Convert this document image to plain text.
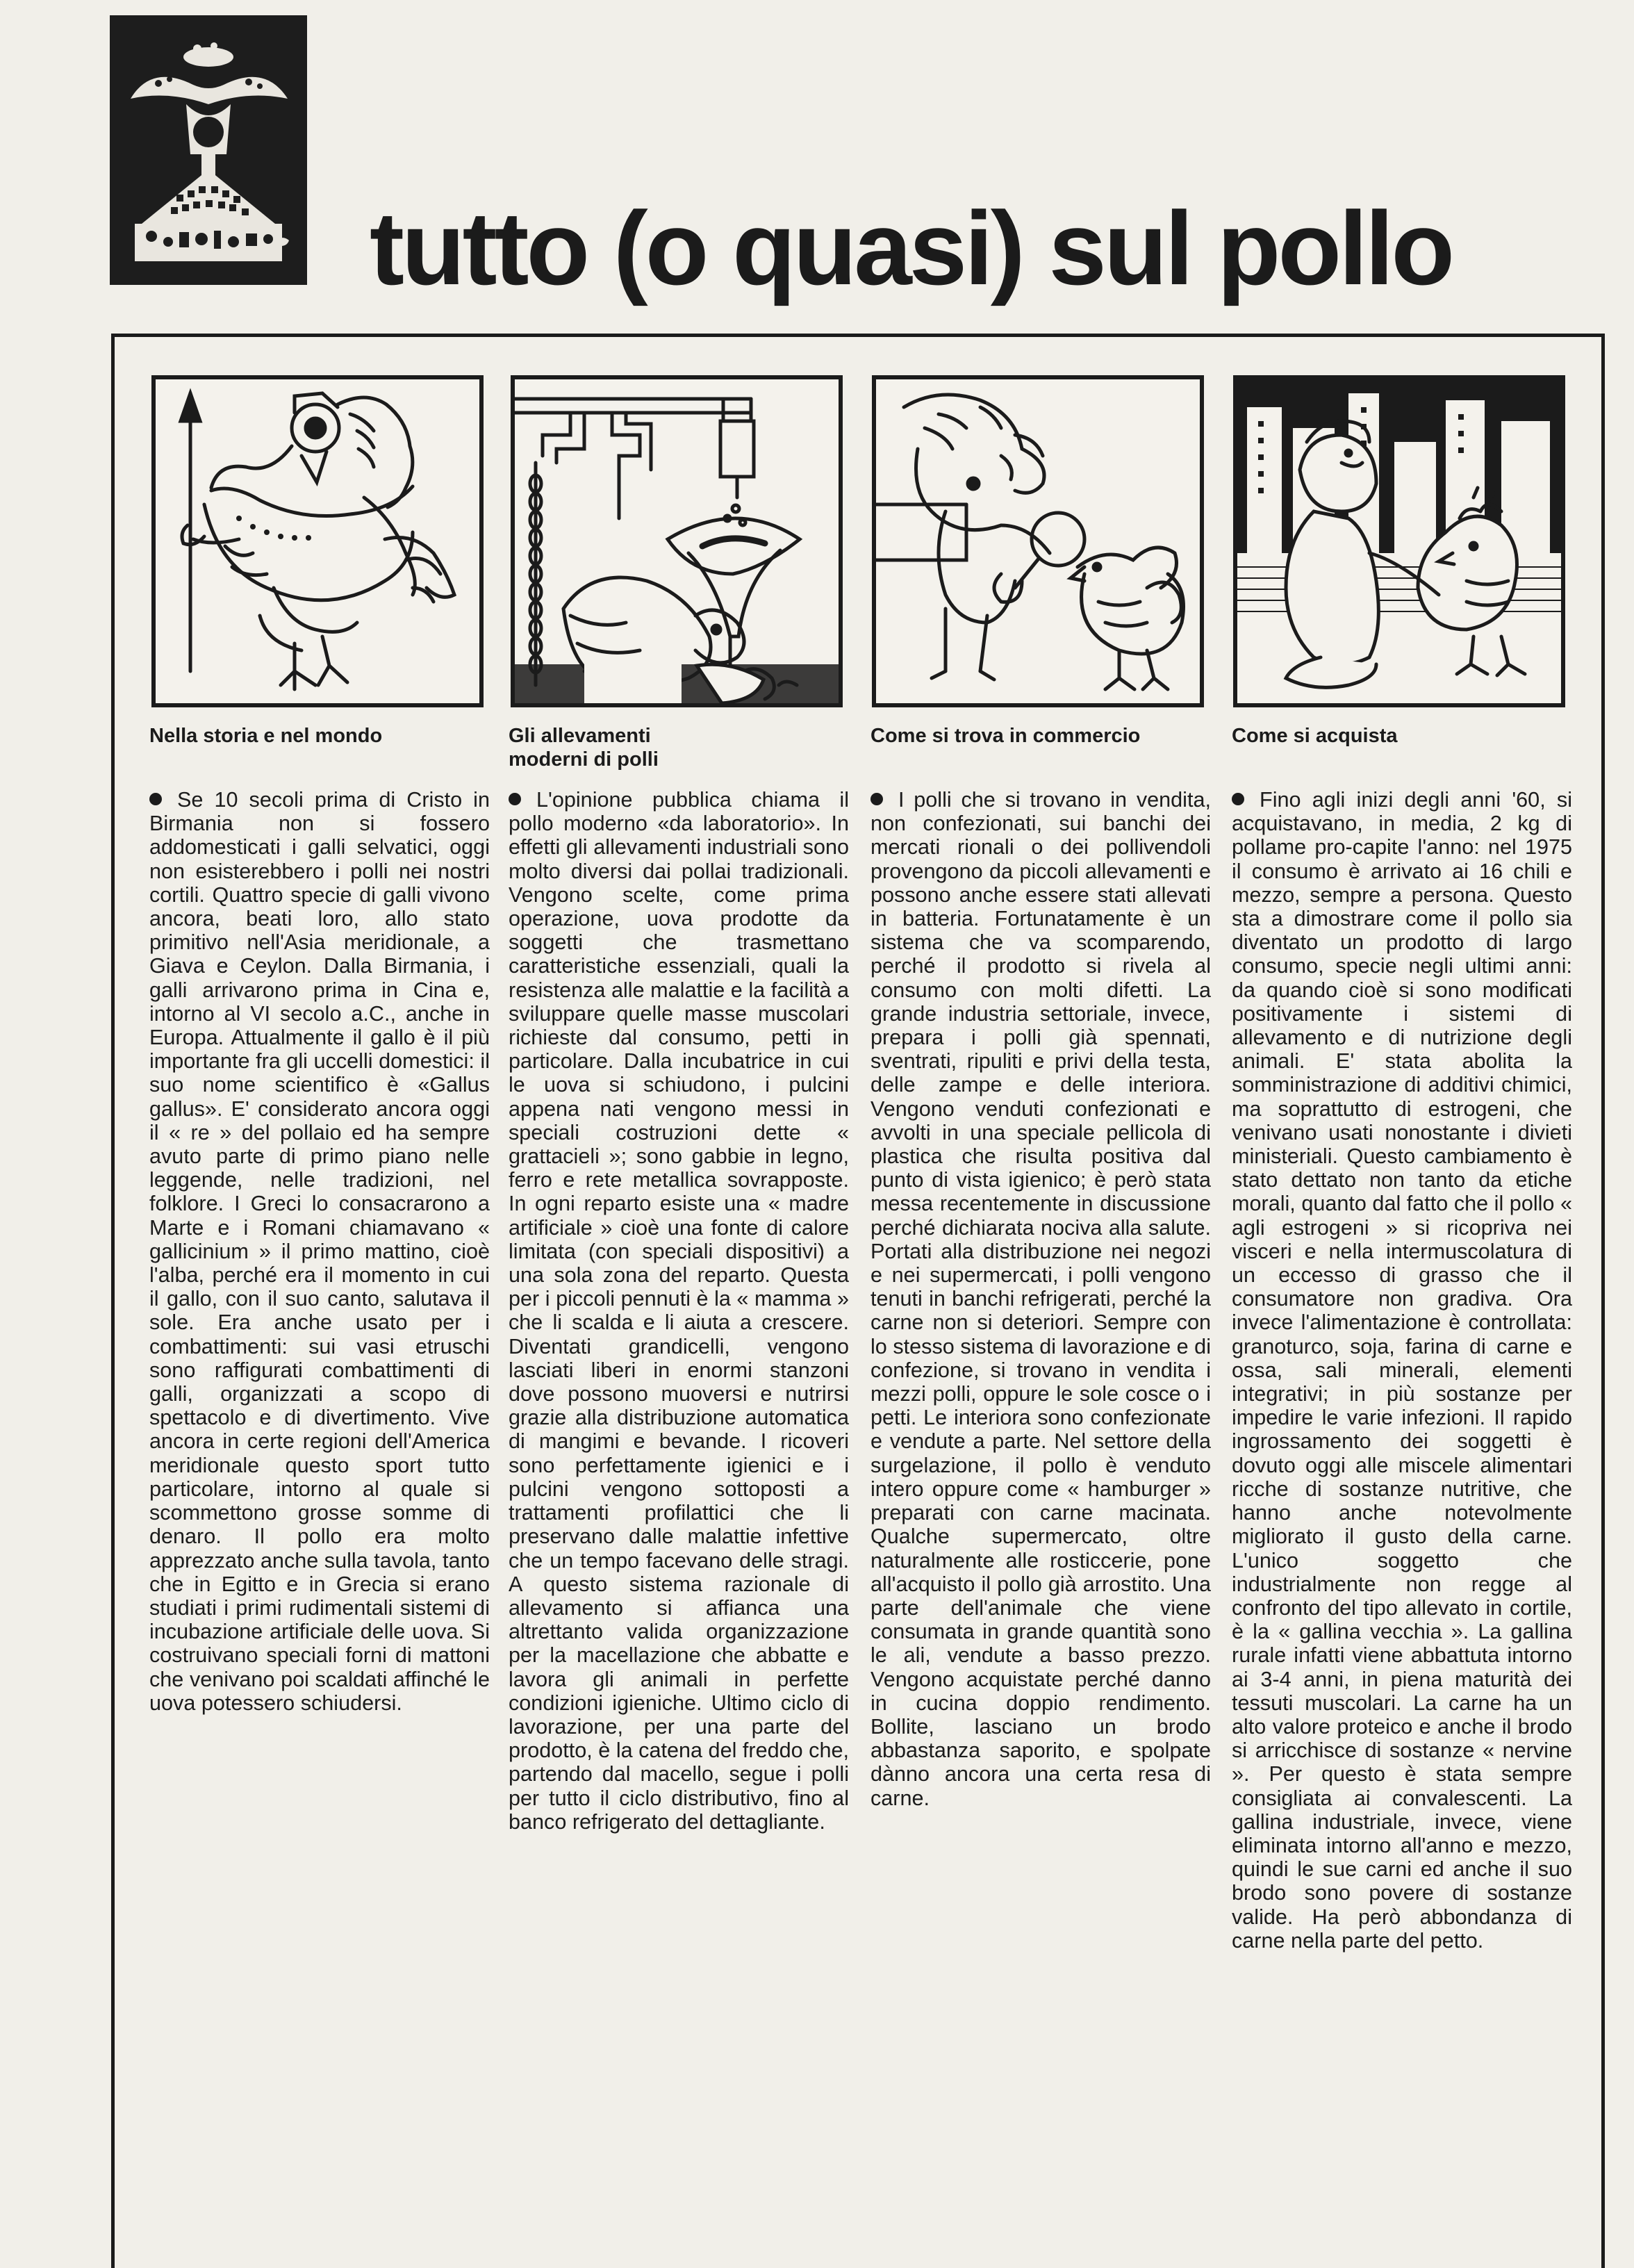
tutto (o quasi) sul pollo
Nella storia e nel mondo	Gli allevamenti moderni di polli
Come si trova in commercio	Come si acquista

Se 10 secoli prima di Cristo in Birmania non si fossero addomesticati i galli selvatici, oggi non esisterebbero i polli nei nostri cortili. Quattro specie di galli vivono ancora, beati loro, allo stato primitivo nell'Asia meridionale, a Giava e Ceylon. Dalla Birmania, i galli arrivarono prima in Cina e, intorno al VI secolo a.C., anche in Europa. Attualmente il gallo è il più importante fra gli uccelli domestici: il suo nome scientifico è «Gallus gallus». E' considerato ancora oggi il « re » del pollaio ed ha sempre avuto parte di primo piano nelle leggende, nelle tradizioni, nel folklore. I Greci lo consacrarono a Marte e i Romani chiamavano « gallicinium » il primo mattino, cioè l'alba, perché era il momento in cui il gallo, con il suo canto, salutava il sole. Era anche usato per i combattimenti: sui vasi etruschi sono raffigurati combattimenti di galli, organizzati a scopo di spettacolo e di divertimento. Vive ancora in certe regioni dell'America meridionale questo sport tutto particolare, intorno al quale si scommettono grosse somme di denaro. Il pollo era molto apprezzato anche sulla tavola, tanto che in Egitto e in Grecia si erano studiati i primi rudimentali sistemi di incubazione artificiale delle uova. Si costruivano speciali forni di mattoni che venivano poi scaldati affinché le uova potessero schiudersi.

L'opinione pubblica chiama il pollo moderno «da laboratorio». In effetti gli allevamenti industriali sono molto diversi dai pollai tradizionali. Vengono scelte, come prima operazione, uova prodotte da soggetti che trasmettano caratteristiche essenziali, quali la resistenza alle malattie e la facilità a sviluppare quelle masse muscolari richieste dal consumo, petti in particolare. Dalla incubatrice in cui le uova si schiudono, i pulcini appena nati vengono messi in speciali costruzioni dette « grattacieli »; sono gabbie in legno, ferro e rete metallica sovrapposte. In ogni reparto esiste una « madre artificiale » cioè una fonte di calore limitata (con speciali dispositivi) a una sola zona del reparto. Questa per i piccoli pennuti è la « mamma » che li scalda e li aiuta a crescere. Diventati grandicelli, vengono lasciati liberi in enormi stanzoni dove possono muoversi e nutrirsi grazie alla distribuzione automatica di mangimi e bevande. I ricoveri sono perfettamente igienici e i pulcini vengono sottoposti a trattamenti profilattici che li preservano dalle malattie infettive che un tempo facevano delle stragi. A questo sistema razionale di allevamento si affianca una altrettanto valida organizzazione per la macellazione che abbatte e lavora gli animali in perfette condizioni igieniche. Ultimo ciclo di lavorazione, per una parte del prodotto, è la catena del freddo che, partendo dal macello, segue i polli per tutto il ciclo distributivo, fino al banco refrigerato del dettagliante.

I polli che si trovano in vendita, non confezionati, sui banchi dei mercati rionali o dei pollivendoli provengono da piccoli allevamenti e possono anche essere stati allevati in batteria. Fortunatamente è un sistema che va scomparendo, perché il prodotto si rivela al consumo con molti difetti. La grande industria settoriale, invece, prepara i polli già spennati, sventrati, ripuliti e privi della testa, delle zampe e delle interiora. Vengono venduti confezionati e avvolti in una speciale pellicola di plastica che risulta positiva dal punto di vista igienico; è però stata messa recentemente in discussione perché dichiarata nociva alla salute. Portati alla distribuzione nei negozi e nei supermercati, i polli vengono tenuti in banchi refrigerati, perché la carne non si deteriori. Sempre con lo stesso sistema di lavorazione e di confezione, si trovano in vendita i mezzi polli, oppure le sole cosce o i petti. Le interiora sono confezionate e vendute a parte. Nel settore della surgelazione, il pollo è venduto intero oppure come « hamburger » preparati con carne macinata. Qualche supermercato, oltre naturalmente alle rosticcerie, pone all'acquisto il pollo già arrostito. Una parte dell'animale che viene consumata in grande quantità sono le ali, vendute a basso prezzo. Vengono acquistate perché danno in cucina doppio rendimento. Bollite, lasciano un brodo abbastanza saporito, e spolpate dànno ancora una certa resa di carne.

Fino agli inizi degli anni '60, si acquistavano, in media, 2 kg di pollame pro-capite l'anno: nel 1975 il consumo è arrivato ai 16 chili e mezzo, sempre a persona. Questo sta a dimostrare come il pollo sia diventato un prodotto di largo consumo, specie negli ultimi anni: da quando cioè si sono modificati positivamente i sistemi di allevamento e di nutrizione degli animali. E' stata abolita la somministrazione di additivi chimici, ma soprattutto di estrogeni, che venivano usati nonostante i divieti ministeriali. Questo cambiamento è stato dettato non tanto da etiche morali, quanto dal fatto che il pollo « agli estrogeni » si ricopriva nei visceri e nella intermuscolatura di un eccesso di grasso che il consumatore non gradiva. Ora invece l'alimentazione è controllata: granoturco, soja, farina di carne e ossa, sali minerali, elementi integrativi; in più sostanze per impedire le varie infezioni. Il rapido ingrossamento dei soggetti è dovuto oggi alle miscele alimentari ricche di sostanze nutritive, che hanno anche notevolmente migliorato il gusto della carne. L'unico soggetto che industrialmente non regge al confronto del tipo allevato in cortile, è la « gallina vecchia ». La gallina rurale infatti viene abbattuta intorno ai 3-4 anni, in piena maturità dei tessuti muscolari. La carne ha un alto valore proteico e anche il brodo si arricchisce di sostanze « nervine ». Per questo è stata sempre consigliata ai convalescenti. La gallina industriale, invece, viene eliminata intorno all'anno e mezzo, quindi le sue carni ed anche il suo brodo sono povere di sostanze valide. Ha però abbondanza di carne nella parte del petto.
